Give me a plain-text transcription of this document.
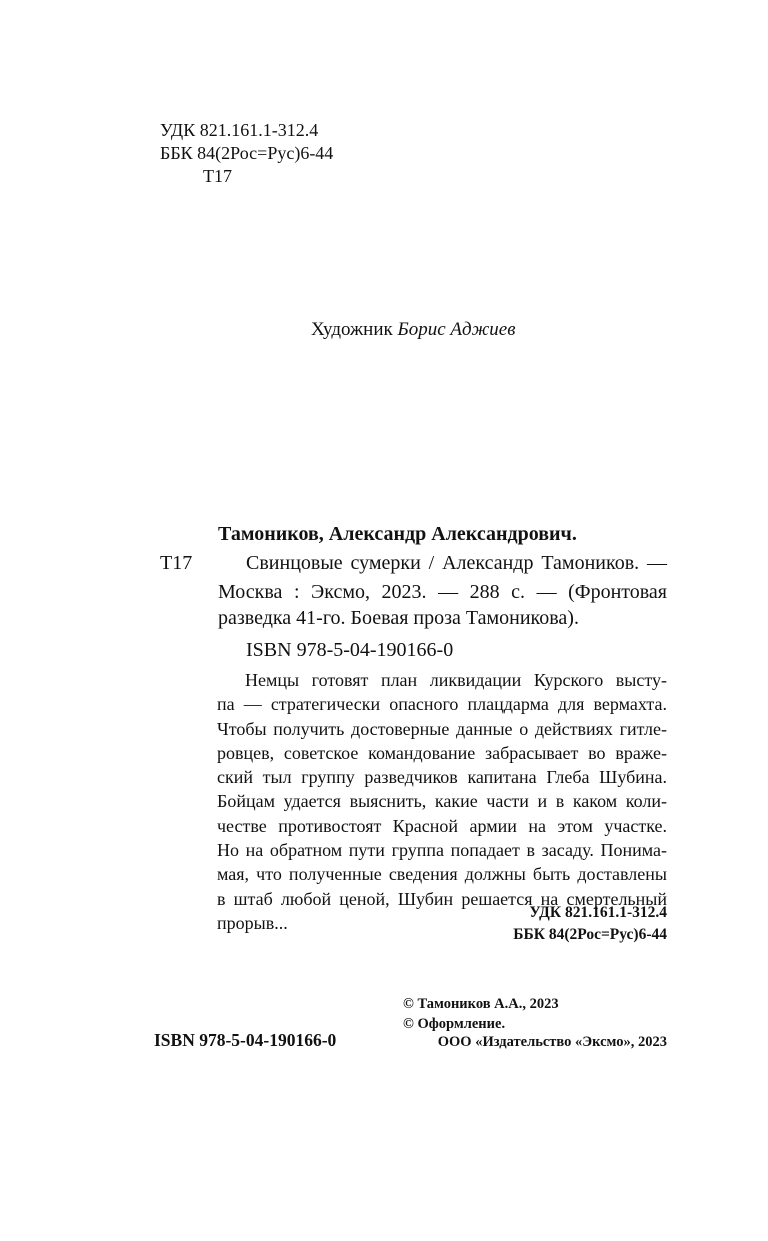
УДК 821.161.1-312.4
ББК 84(2Рос=Рус)6-44
Т17
Художник Борис Аджиев
Тамоников, Александр Александрович.
Т17	Свинцовые сумерки / Александр Тамоников. —
Москва : Эксмо, 2023. — 288 с. — (Фронтовая
разведка 41-го. Боевая проза Тамоникова).
ISBN 978-5-04-190166-0
Немцы готовят план ликвидации Курского высту-
па — стратегически опасного плацдарма для вермахта.
Чтобы получить достоверные данные о действиях гитле-
ровцев, советское командование забрасывает во враже-
ский тыл группу разведчиков капитана Глеба Шубина.
Бойцам удается выяснить, какие части и в каком коли-
честве противостоят Красной армии на этом участке.
Но на обратном пути группа попадает в засаду. Понима-
мая, что полученные сведения должны быть доставлены
в штаб любой ценой, Шубин решается на смертельный
прорыв...
УДК 821.161.1-312.4
ББК 84(2Рос=Рус)6-44
© Тамоников А.А., 2023
© Оформление.
ООО «Издательство «Эксмо», 2023
ISBN 978-5-04-190166-0
